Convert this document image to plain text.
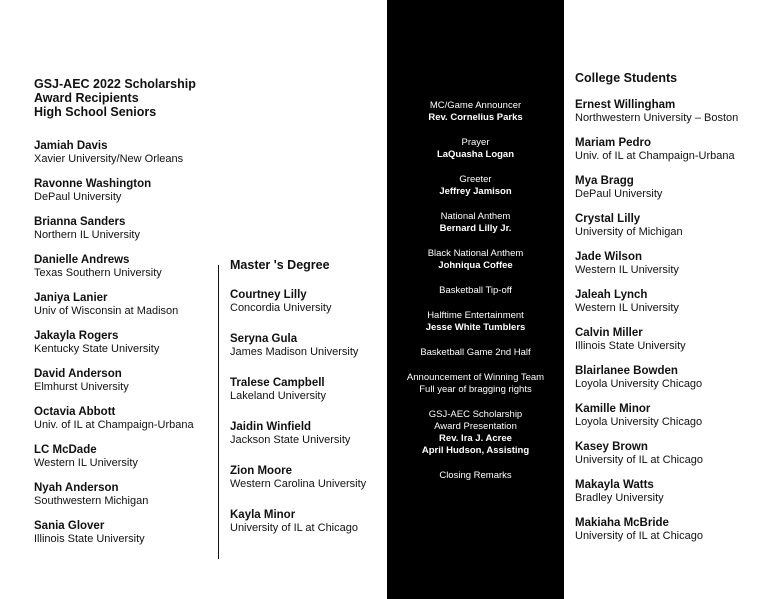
GSJ-AEC 2022 Scholarship Award Recipients
High School Seniors
Jamiah Davis
Xavier University/New Orleans
Ravonne Washington
DePaul University
Brianna Sanders
Northern IL University
Danielle Andrews
Texas Southern University
Janiya Lanier
Univ of Wisconsin at Madison
Jakayla Rogers
Kentucky State University
David Anderson
Elmhurst University
Octavia Abbott
Univ. of IL at Champaign-Urbana
LC McDade
Western IL University
Nyah Anderson
Southwestern Michigan
Sania Glover
Illinois State University
Master 's Degree
Courtney Lilly
Concordia University
Seryna Gula
James Madison University
Tralese Campbell
Lakeland University
Jaidin Winfield
Jackson State University
Zion Moore
Western Carolina University
Kayla Minor
University of IL at Chicago
MC/Game Announcer
Rev. Cornelius Parks
Prayer
LaQuasha Logan
Greeter
Jeffrey Jamison
National Anthem
Bernard Lilly Jr.
Black National Anthem
Johniqua Coffee
Basketball Tip-off
Halftime Entertainment
Jesse White Tumblers
Basketball Game 2nd Half
Announcement of Winning Team
Full year of bragging rights
GSJ-AEC Scholarship
Award Presentation
Rev. Ira J. Acree
April Hudson, Assisting
Closing Remarks
College Students
Ernest Willingham
Northwestern University – Boston
Mariam Pedro
Univ. of IL at Champaign-Urbana
Mya Bragg
DePaul University
Crystal Lilly
University of Michigan
Jade Wilson
Western IL University
Jaleah Lynch
Western IL University
Calvin Miller
Illinois State University
Blairlanee Bowden
Loyola University Chicago
Kamille Minor
Loyola University Chicago
Kasey Brown
University of IL at Chicago
Makayla Watts
Bradley University
Makiaha McBride
University of IL at Chicago
